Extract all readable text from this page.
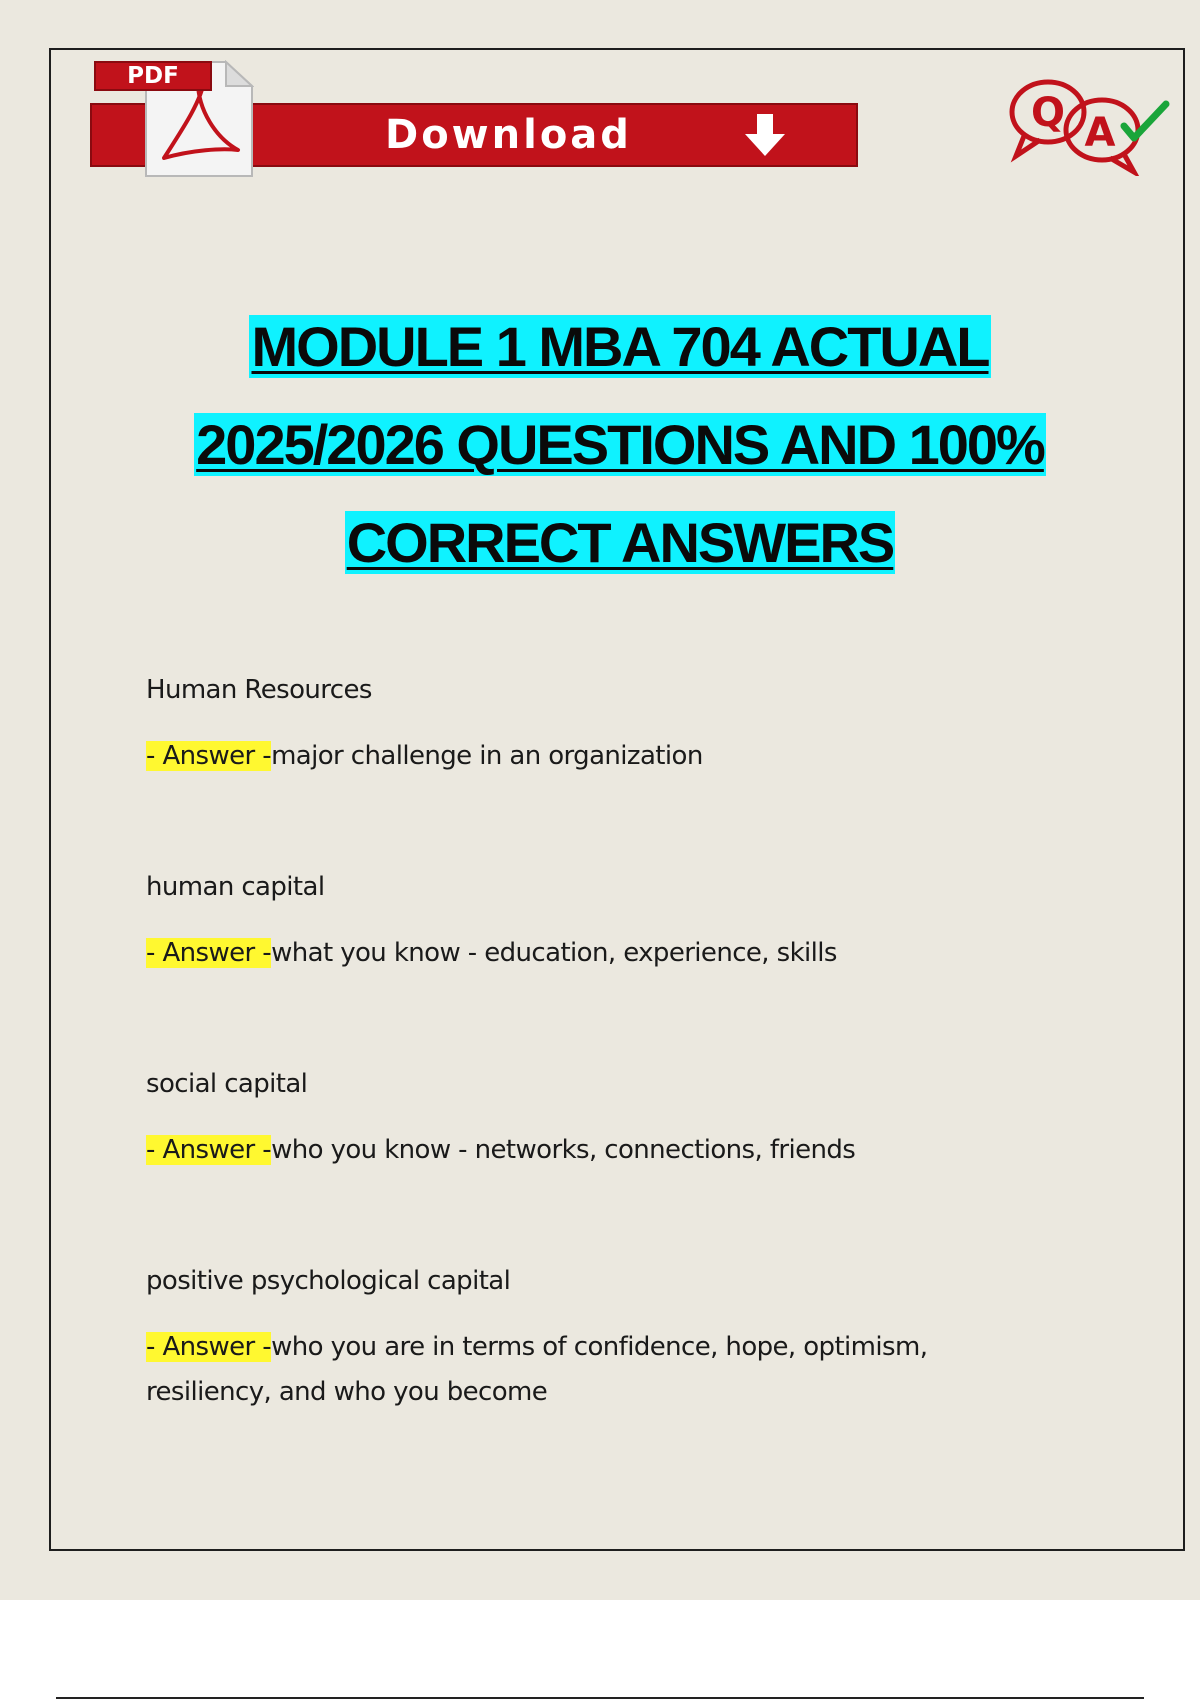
Download
PDF
Q A
MODULE 1 MBA 704 ACTUAL
2025/2026 QUESTIONS AND 100%
CORRECT ANSWERS
Human Resources
- Answer -major challenge in an organization
human capital
- Answer -what you know - education, experience, skills
social capital
- Answer -who you know - networks, connections, friends
positive psychological capital
- Answer -who you are in terms of confidence, hope, optimism, resiliency, and who you become
